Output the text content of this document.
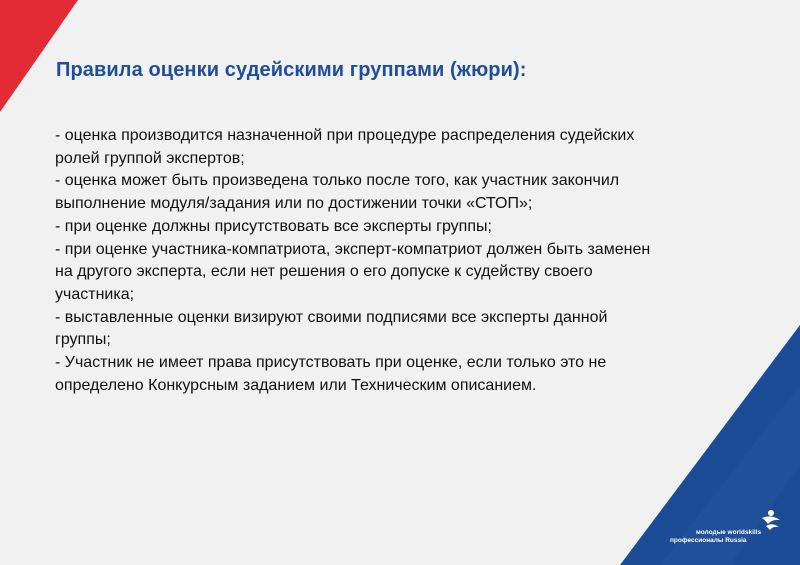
Правила оценки судейскими группами (жюри):
- оценка производится назначенной при процедуре распределения судейских
ролей группой экспертов;
- оценка может быть произведена только после того, как участник закончил
выполнение модуля/задания или по достижении точки «СТОП»;
- при оценке должны присутствовать все эксперты группы;
- при оценке участника-компатриота, эксперт-компатриот должен быть заменен
на другого эксперта, если нет решения о его допуске к судейству своего
участника;
- выставленные оценки визируют своими подписями все эксперты данной
группы;
- Участник не имеет права присутствовать при оценке, если только это не
определено Конкурсным заданием или Техническим описанием.
молодые worldskills
профессионалы Russia
